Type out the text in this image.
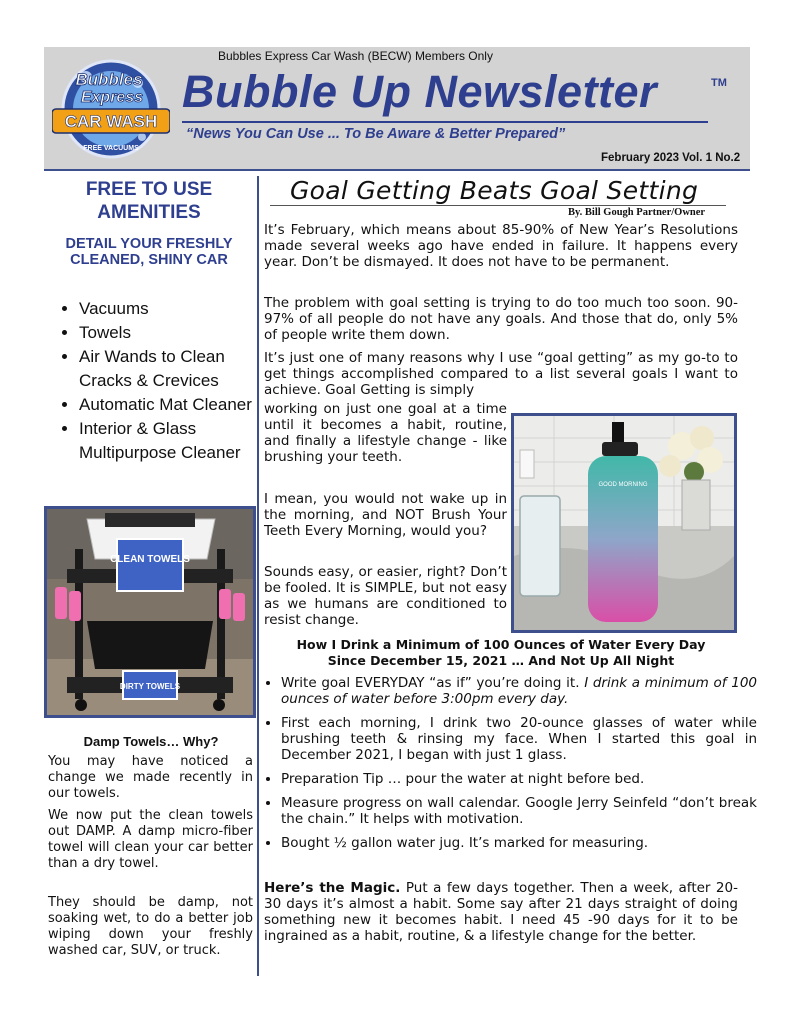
Bubbles
Express
CAR WASH
FREE VACUUMS
Bubbles Express Car Wash (BECW) Members Only
Bubble Up Newsletter	TM
“News You Can Use ... To Be Aware & Better Prepared”
February 2023 Vol. 1 No.2
FREE TO USE AMENITIES
DETAIL YOUR FRESHLY CLEANED, SHINY CAR
• Vacuums
• Towels
• Air Wands to Clean Cracks & Crevices
• Automatic Mat Cleaner
• Interior & Glass Multipurpose Cleaner
CLEAN TOWELS
DIRTY TOWELS
Damp Towels… Why?

You may have noticed a change we made recently in our towels.

We now put the clean towels out DAMP. A damp micro-fiber towel will clean your car better than a dry towel.

They should be damp, not soaking wet, to do a better job wiping down your freshly washed car, SUV, or truck.

Goal Getting Beats Goal Setting
By. Bill Gough Partner/Owner

It’s February, which means about 85-90% of New Year’s Resolutions made several weeks ago have ended in failure. It happens every year. Don’t be dismayed. It does not have to be permanent.

The problem with goal setting is trying to do too much too soon. 90-97% of all people do not have any goals. And those that do, only 5% of people write them down.

It’s just one of many reasons why I use “goal getting” as my go-to to get things accomplished compared to a list several goals I want to achieve. Goal Getting is simply

working on just one goal at a time until it becomes a habit, routine, and finally a lifestyle change - like brushing your teeth.

I mean, you would not wake up in the morning, and NOT Brush Your Teeth Every Morning, would you?

Sounds easy, or easier, right? Don’t be fooled. It is SIMPLE, but not easy as we humans are conditioned to resist change.

GOOD MORNING
How I Drink a Minimum of 100 Ounces of Water Every Day
Since December 15, 2021 … And Not Up All Night
• Write goal EVERYDAY “as if” you’re doing it. I drink a minimum of 100 ounces of water before 3:00pm every day.
• First each morning, I drink two 20-ounce glasses of water while brushing teeth & rinsing my face. When I started this goal in December 2021, I began with just 1 glass.
• Preparation Tip … pour the water at night before bed.
• Measure progress on wall calendar. Google Jerry Seinfeld “don’t break the chain.” It helps with motivation.
• Bought ½ gallon water jug. It’s marked for measuring.

Here’s the Magic. Put a few days together. Then a week, after 20-30 days it’s almost a habit. Some say after 21 days straight of doing something new it becomes habit. I need 45 -90 days for it to be ingrained as a habit, routine, & a lifestyle change for the better.
